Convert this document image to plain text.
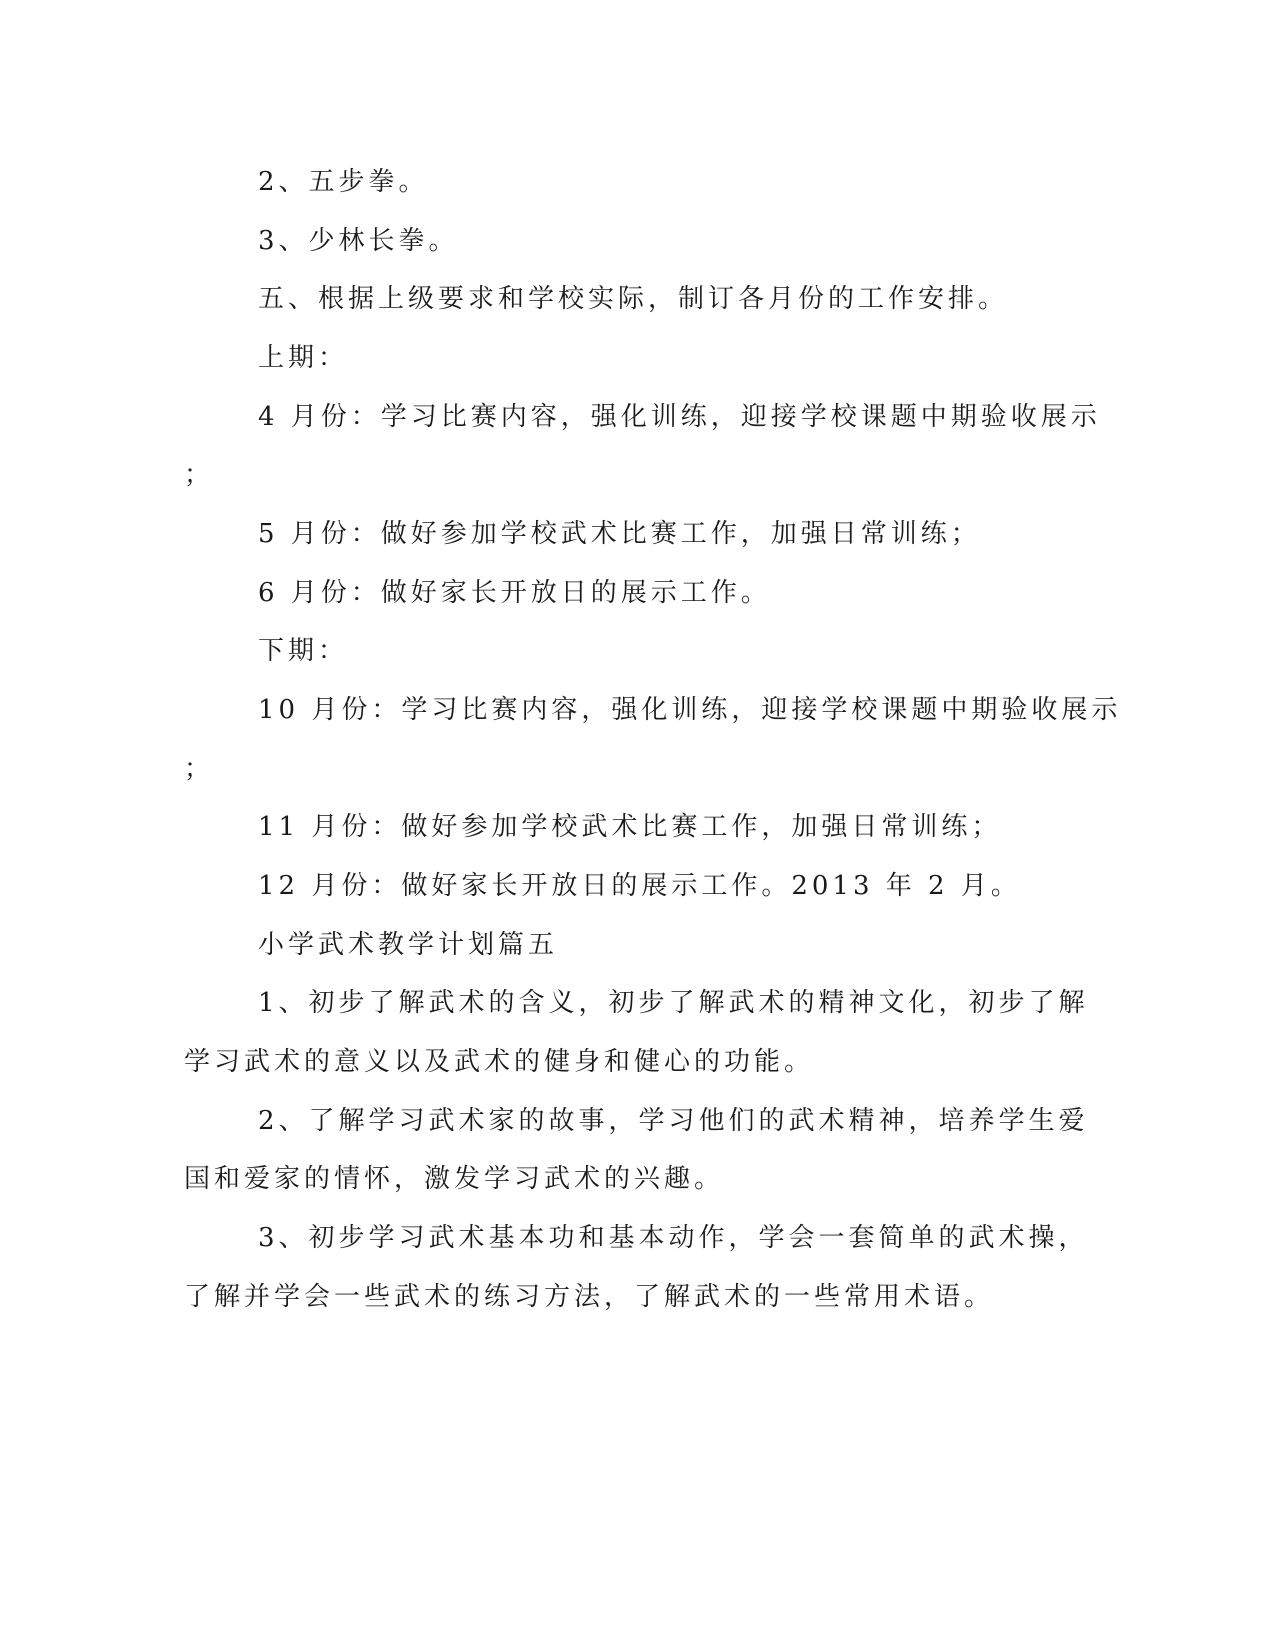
2、五步拳。
3、少林长拳。
五、根据上级要求和学校实际，制订各月份的工作安排。
上期：
4 月份：学习比赛内容，强化训练，迎接学校课题中期验收展示
；
5 月份：做好参加学校武术比赛工作，加强日常训练；
6 月份：做好家长开放日的展示工作。
下期：
10 月份：学习比赛内容，强化训练，迎接学校课题中期验收展示
；
11 月份：做好参加学校武术比赛工作，加强日常训练；
12 月份：做好家长开放日的展示工作。2013 年 2 月。
小学武术教学计划篇五
1、初步了解武术的含义，初步了解武术的精神文化，初步了解
学习武术的意义以及武术的健身和健心的功能。
2、了解学习武术家的故事，学习他们的武术精神，培养学生爱
国和爱家的情怀，激发学习武术的兴趣。
3、初步学习武术基本功和基本动作，学会一套简单的武术操，
了解并学会一些武术的练习方法，了解武术的一些常用术语。
